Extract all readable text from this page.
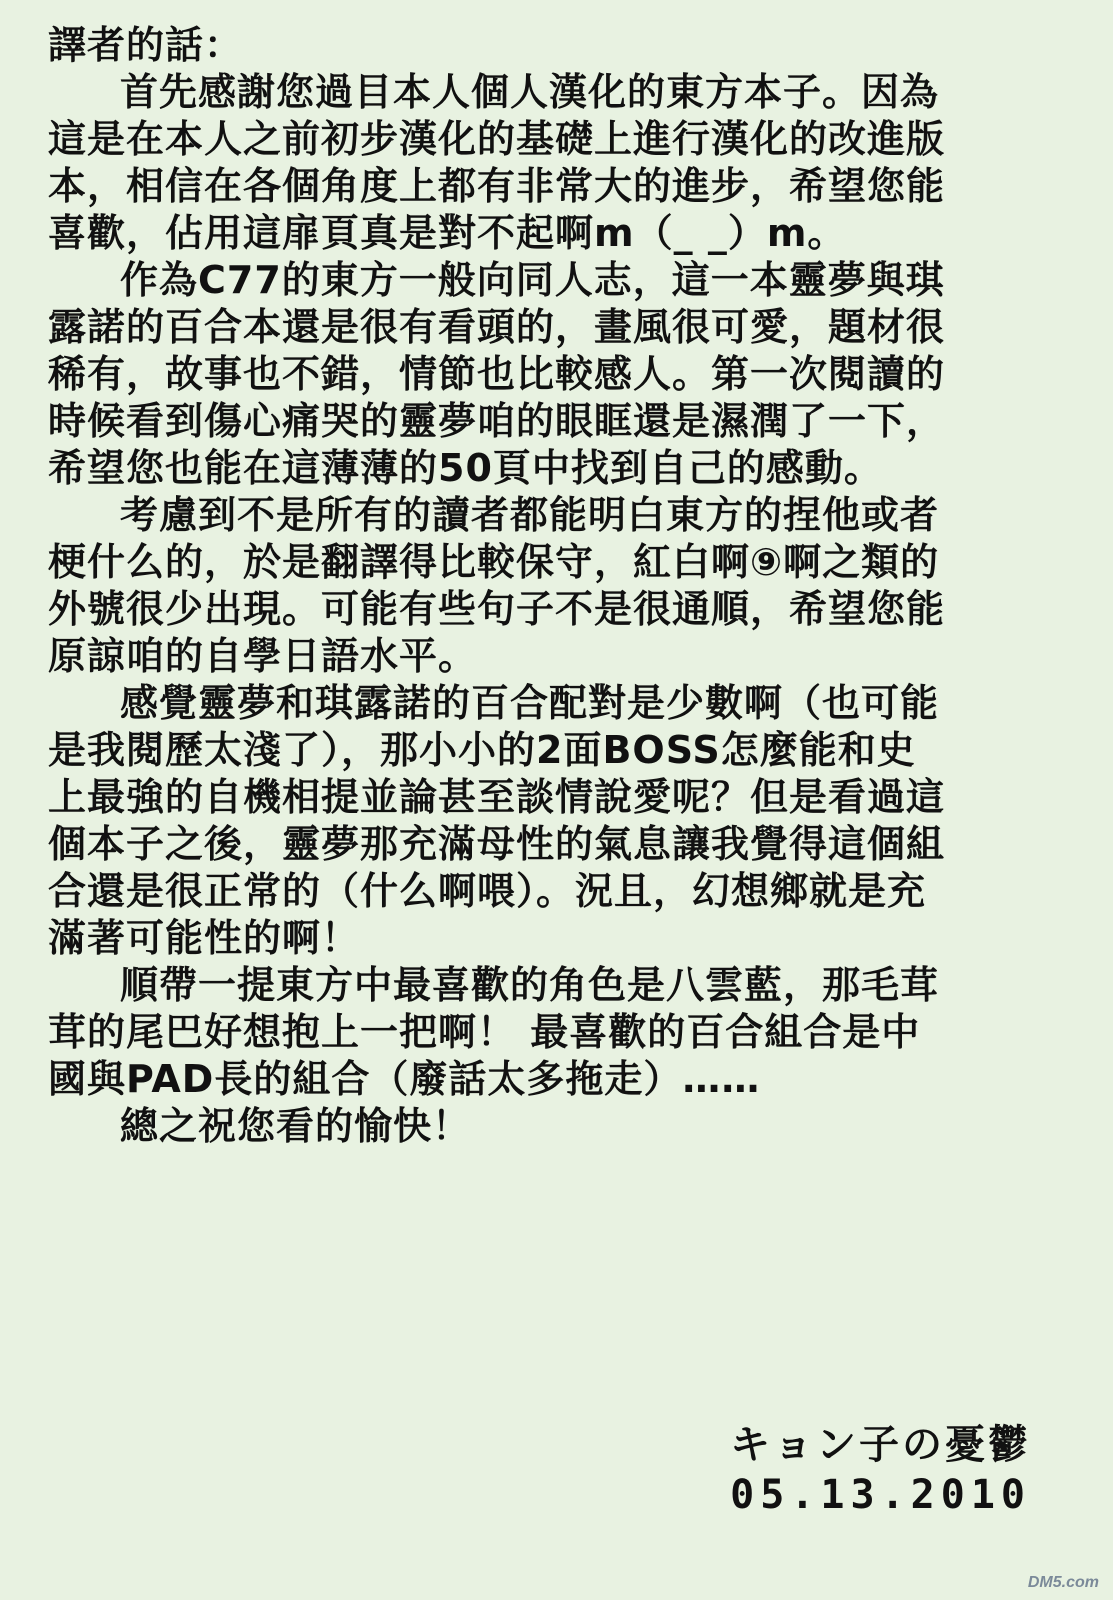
譯者的話：
首先感謝您過目本人個人漢化的東方本子。因為
這是在本人之前初步漢化的基礎上進行漢化的改進版
本，相信在各個角度上都有非常大的進步，希望您能
喜歡，佔用這扉頁真是對不起啊m（_ _）m。
作為C77的東方一般向同人志，這一本靈夢與琪
露諾的百合本還是很有看頭的，畫風很可愛，題材很
稀有，故事也不錯，情節也比較感人。第一次閱讀的
時候看到傷心痛哭的靈夢咱的眼眶還是濕潤了一下，
希望您也能在這薄薄的50頁中找到自己的感動。
考慮到不是所有的讀者都能明白東方的捏他或者
梗什么的，於是翻譯得比較保守，紅白啊⑨啊之類的
外號很少出現。可能有些句子不是很通順，希望您能
原諒咱的自學日語水平。
感覺靈夢和琪露諾的百合配對是少數啊（也可能
是我閱歷太淺了），那小小的2面BOSS怎麼能和史
上最強的自機相提並論甚至談情說愛呢？但是看過這
個本子之後，靈夢那充滿母性的氣息讓我覺得這個組
合還是很正常的（什么啊喂）。況且，幻想鄉就是充
滿著可能性的啊！
順帶一提東方中最喜歡的角色是八雲藍，那毛茸
茸的尾巴好想抱上一把啊！ 最喜歡的百合組合是中
國與PAD長的組合（廢話太多拖走）……
總之祝您看的愉快！
キョン子の憂鬱
05.13.2010
DM5.com
